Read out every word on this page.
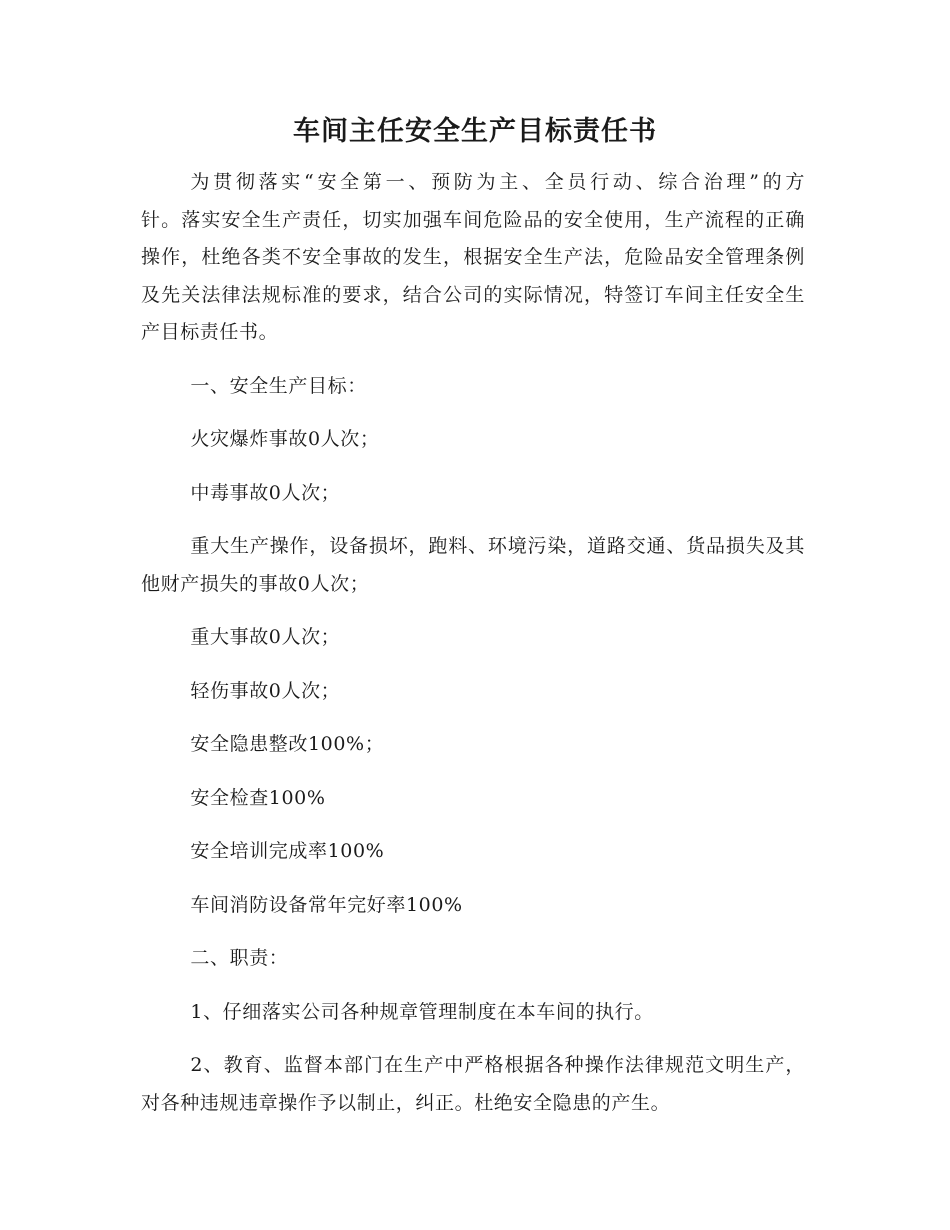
车间主任安全生产目标责任书

为贯彻落实“安全第一、预防为主、全员行动、综合治理”的方

针。落实安全生产责任，切实加强车间危险品的安全使用，生产流程的正确操作，杜绝各类不安全事故的发生，根据安全生产法，危险品安全管理条例及先关法律法规标准的要求，结合公司的实际情况，特签订车间主任安全生产目标责任书。

一、安全生产目标：

火灾爆炸事故0人次；

中毒事故0人次；

重大生产操作，设备损坏，跑料、环境污染，道路交通、货品损失及其他财产损失的事故0人次；

重大事故0人次；

轻伤事故0人次；

安全隐患整改100%；

安全检查100%

安全培训完成率100%

车间消防设备常年完好率100%

二、职责：

1、仔细落实公司各种规章管理制度在本车间的执行。

2、教育、监督本部门在生产中严格根据各种操作法律规范文明生产，对各种违规违章操作予以制止，纠正。杜绝安全隐患的产生。
